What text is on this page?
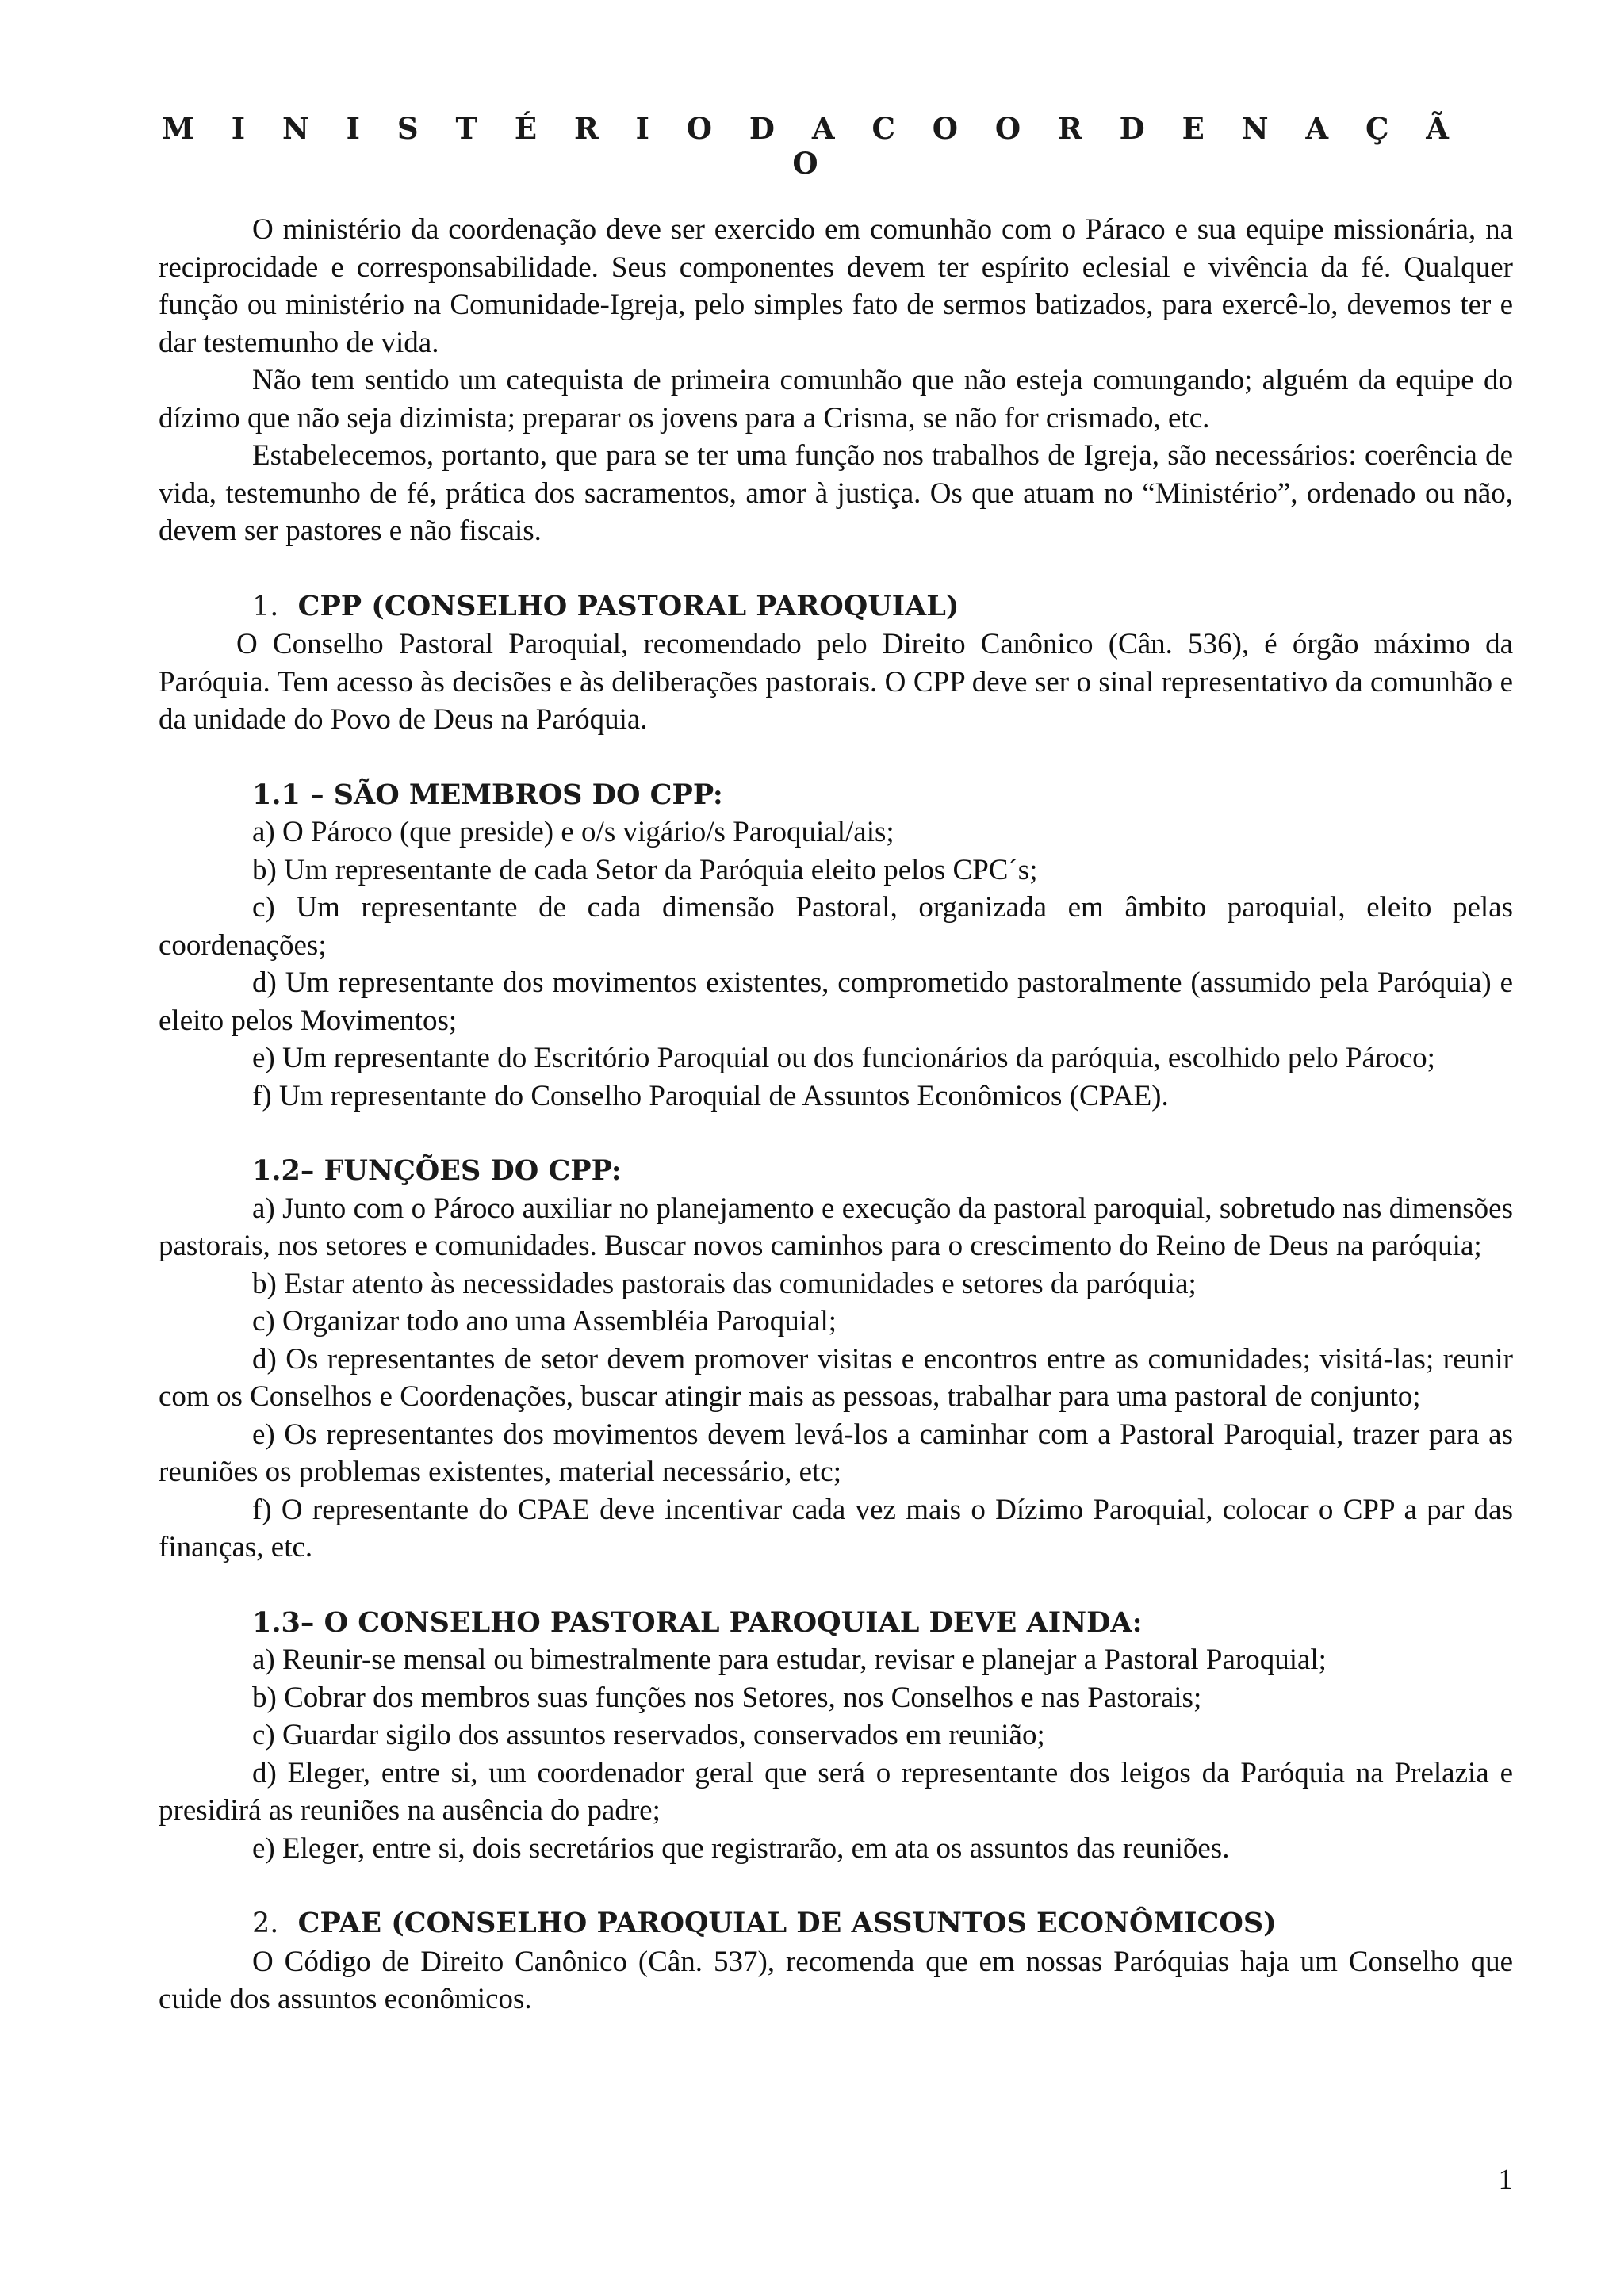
M I N I S T É R I O D A C O O R D E N A Ç Ã O

O ministério da coordenação deve ser exercido em comunhão com o Páraco e sua equipe missionária, na reciprocidade e corresponsabilidade. Seus componentes devem ter espírito eclesial e vivência da fé. Qualquer função ou ministério na Comunidade-Igreja, pelo simples fato de sermos batizados, para exercê-lo, devemos ter e dar testemunho de vida.

Não tem sentido um catequista de primeira comunhão que não esteja comungando; alguém da equipe do dízimo que não seja dizimista; preparar os jovens para a Crisma, se não for crismado, etc.

Estabelecemos, portanto, que para se ter uma função nos trabalhos de Igreja, são necessários: coerência de vida, testemunho de fé, prática dos sacramentos, amor à justiça. Os que atuam no “Ministério”, ordenado ou não, devem ser pastores e não fiscais.

1. CPP (CONSELHO PASTORAL PAROQUIAL)

O Conselho Pastoral Paroquial, recomendado pelo Direito Canônico (Cân. 536), é órgão máximo da Paróquia. Tem acesso às decisões e às deliberações pastorais. O CPP deve ser o sinal representativo da comunhão e da unidade do Povo de Deus na Paróquia.

1.1 – SÃO MEMBROS DO CPP:

a) O Pároco (que preside) e o/s vigário/s Paroquial/ais;

b) Um representante de cada Setor da Paróquia eleito pelos CPC´s;

c) Um representante de cada dimensão Pastoral, organizada em âmbito paroquial, eleito pelas coordenações;

d) Um representante dos movimentos existentes, comprometido pastoralmente (assumido pela Paróquia) e eleito pelos Movimentos;

e) Um representante do Escritório Paroquial ou dos funcionários da paróquia, escolhido pelo Pároco;

f) Um representante do Conselho Paroquial de Assuntos Econômicos (CPAE).

1.2– FUNÇÕES DO CPP:

a) Junto com o Pároco auxiliar no planejamento e execução da pastoral paroquial, sobretudo nas dimensões pastorais, nos setores e comunidades. Buscar novos caminhos para o crescimento do Reino de Deus na paróquia;

b) Estar atento às necessidades pastorais das comunidades e setores da paróquia;

c) Organizar todo ano uma Assembléia Paroquial;

d) Os representantes de setor devem promover visitas e encontros entre as comunidades; visitá-las; reunir com os Conselhos e Coordenações, buscar atingir mais as pessoas, trabalhar para uma pastoral de conjunto;

e) Os representantes dos movimentos devem levá-los a caminhar com a Pastoral Paroquial, trazer para as reuniões os problemas existentes, material necessário, etc;

f) O representante do CPAE deve incentivar cada vez mais o Dízimo Paroquial, colocar o CPP a par das finanças, etc.

1.3– O CONSELHO PASTORAL PAROQUIAL DEVE AINDA:

a) Reunir-se mensal ou bimestralmente para estudar, revisar e planejar a Pastoral Paroquial;

b) Cobrar dos membros suas funções nos Setores, nos Conselhos e nas Pastorais;

c) Guardar sigilo dos assuntos reservados, conservados em reunião;

d) Eleger, entre si, um coordenador geral que será o representante dos leigos da Paróquia na Prelazia e presidirá as reuniões na ausência do padre;

e) Eleger, entre si, dois secretários que registrarão, em ata os assuntos das reuniões.

2. CPAE (CONSELHO PAROQUIAL DE ASSUNTOS ECONÔMICOS)

O Código de Direito Canônico (Cân. 537), recomenda que em nossas Paróquias haja um Conselho que cuide dos assuntos econômicos.

1
